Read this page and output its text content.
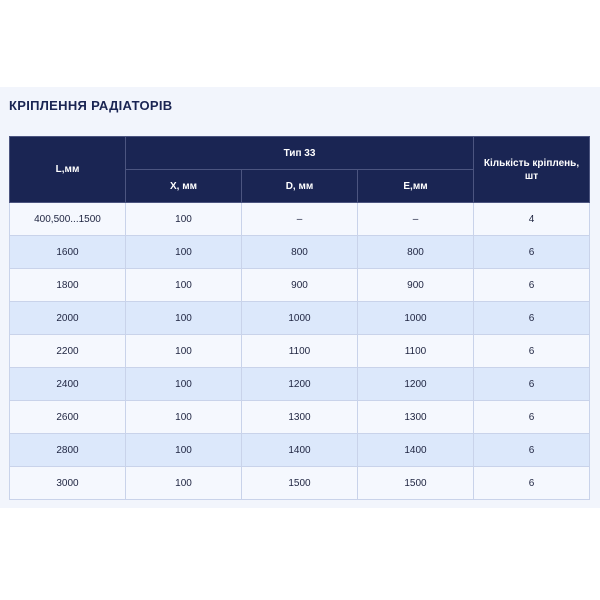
КРІПЛЕННЯ РАДІАТОРІВ
L,мм	Тип 33			Кількість кріплень, шт
	X, мм	D, мм	E,мм	
400,500...1500	100	–	–	4
1600	100	800	800	6
1800	100	900	900	6
2000	100	1000	1000	6
2200	100	1100	1100	6
2400	100	1200	1200	6
2600	100	1300	1300	6
2800	100	1400	1400	6
3000	100	1500	1500	6
